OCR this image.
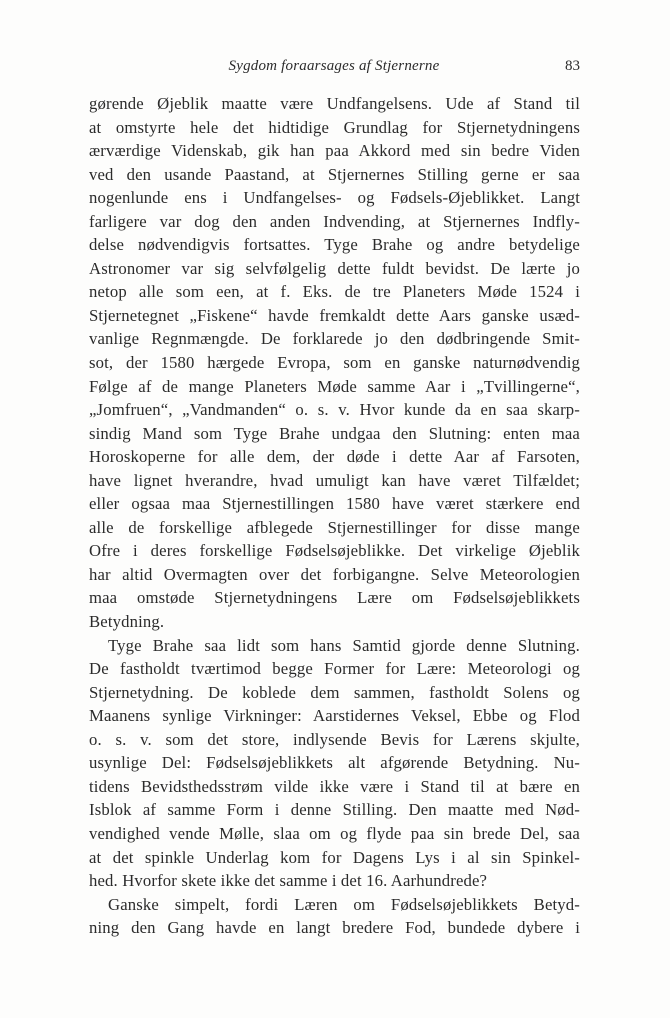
Sygdom foraarsages af Stjernerne	83

gørende Øjeblik maatte være Undfangelsens. Ude af Stand til

at omstyrte hele det hidtidige Grundlag for Stjernetydningens

ærværdige Videnskab, gik han paa Akkord med sin bedre Viden

ved den usande Paastand, at Stjernernes Stilling gerne er saa

nogenlunde ens i Undfangelses- og Fødsels-Øjeblikket. Langt

farligere var dog den anden Indvending, at Stjernernes Indfly-

delse nødvendigvis fortsattes. Tyge Brahe og andre betydelige

Astronomer var sig selvfølgelig dette fuldt bevidst. De lærte jo

netop alle som een, at f. Eks. de tre Planeters Møde 1524 i

Stjernetegnet „Fiskene“ havde fremkaldt dette Aars ganske usæd-

vanlige Regnmængde. De forklarede jo den dødbringende Smit-

sot, der 1580 hærgede Evropa, som en ganske naturnødvendig

Følge af de mange Planeters Møde samme Aar i „Tvillingerne“,

„Jomfruen“, „Vandmanden“ o. s. v. Hvor kunde da en saa skarp-

sindig Mand som Tyge Brahe undgaa den Slutning: enten maa

Horoskoperne for alle dem, der døde i dette Aar af Farsoten,

have lignet hverandre, hvad umuligt kan have været Tilfældet;

eller ogsaa maa Stjernestillingen 1580 have været stærkere end

alle de forskellige afblegede Stjernestillinger for disse mange

Ofre i deres forskellige Fødselsøjeblikke. Det virkelige Øjeblik

har altid Overmagten over det forbigangne. Selve Meteorologien

maa omstøde Stjernetydningens Lære om Fødselsøjeblikkets

Betydning.

Tyge Brahe saa lidt som hans Samtid gjorde denne Slutning.

De fastholdt tværtimod begge Former for Lære: Meteorologi og

Stjernetydning. De koblede dem sammen, fastholdt Solens og

Maanens synlige Virkninger: Aarstidernes Veksel, Ebbe og Flod

o. s. v. som det store, indlysende Bevis for Lærens skjulte,

usynlige Del: Fødselsøjeblikkets alt afgørende Betydning. Nu-

tidens Bevidsthedsstrøm vilde ikke være i Stand til at bære en

Isblok af samme Form i denne Stilling. Den maatte med Nød-

vendighed vende Mølle, slaa om og flyde paa sin brede Del, saa

at det spinkle Underlag kom for Dagens Lys i al sin Spinkel-

hed. Hvorfor skete ikke det samme i det 16. Aarhundrede?

Ganske simpelt, fordi Læren om Fødselsøjeblikkets Betyd-

ning den Gang havde en langt bredere Fod, bundede dybere i
